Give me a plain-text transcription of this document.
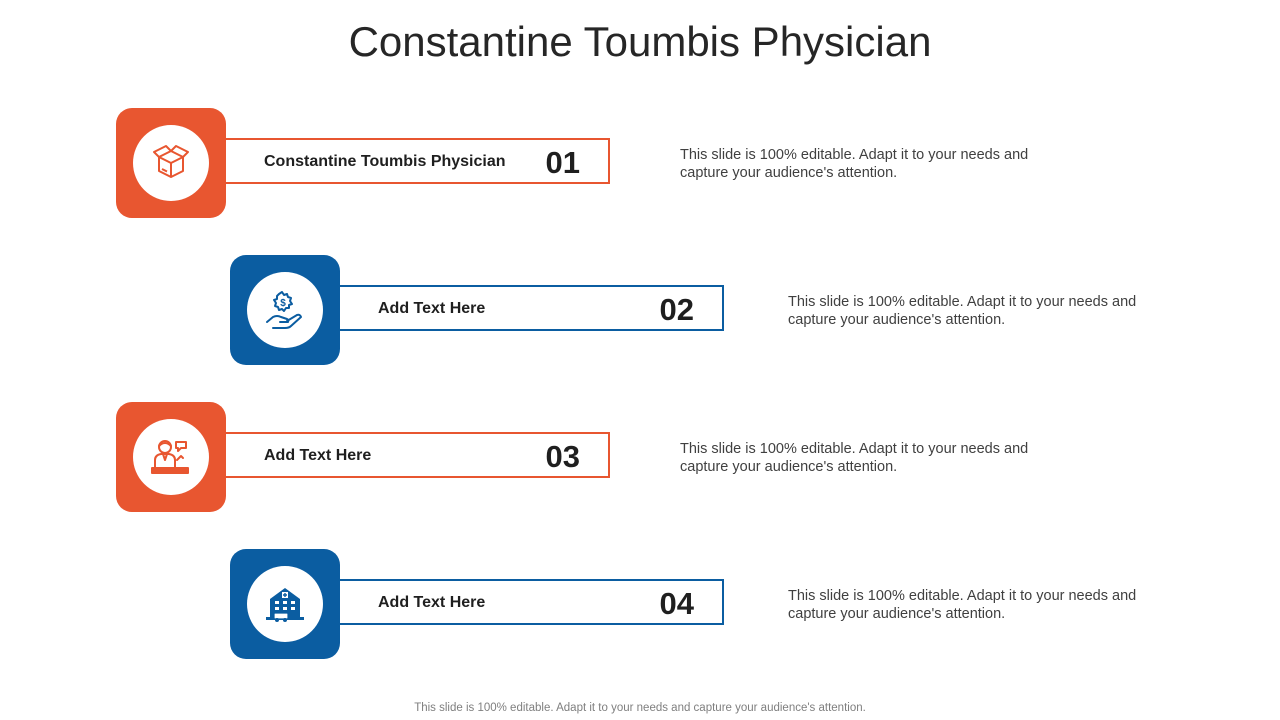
Constantine Toumbis Physician
Constantine Toumbis Physician 01	This slide is 100% editable. Adapt it to your needs and
capture your audience's attention.
$	Add Text Here	02	This slide is 100% editable. Adapt it to your needs and
capture your audience's attention.
Add Text Here	03	This slide is 100% editable. Adapt it to your needs and
capture your audience's attention.
Add Text Here	04	This slide is 100% editable. Adapt it to your needs and
capture your audience's attention.
This slide is 100% editable. Adapt it to your needs and capture your audience's attention.
